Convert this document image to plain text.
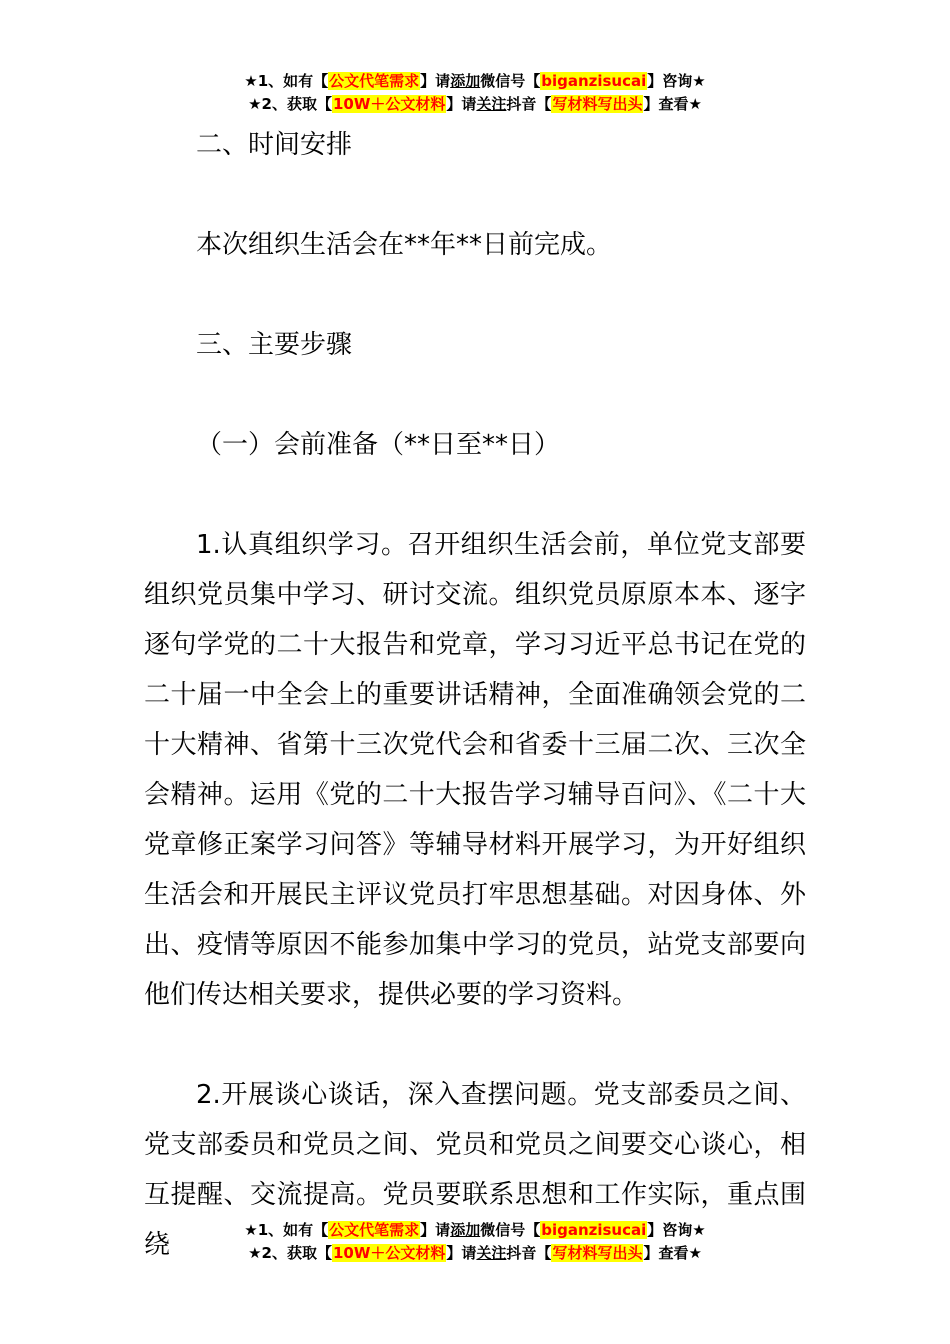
★1、如有【公文代笔需求】请添加微信号【biganzisucai】咨询★
★2、获取【10W＋公文材料】请关注抖音【写材料写出头】查看★

二、时间安排

本次组织生活会在**年**日前完成。

三、主要步骤

（一）会前准备（**日至**日）

1.认真组织学习。召开组织生活会前，单位党支部要组织党员集中学习、研讨交流。组织党员原原本本、逐字逐句学党的二十大报告和党章，学习习近平总书记在党的二十届一中全会上的重要讲话精神，全面准确领会党的二十大精神、省第十三次党代会和省委十三届二次、三次全会精神。运用《党的二十大报告学习辅导百问》、《二十大党章修正案学习问答》等辅导材料开展学习，为开好组织生活会和开展民主评议党员打牢思想基础。对因身体、外出、疫情等原因不能参加集中学习的党员，站党支部要向他们传达相关要求，提供必要的学习资料。

2.开展谈心谈话，深入查摆问题。党支部委员之间、党支部委员和党员之间、党员和党员之间要交心谈心，相互提醒、交流提高。党员要联系思想和工作实际，重点围绕	★1、如有【公文代笔需求】请添加微信号【biganzisucai】咨询★
★2、获取【10W＋公文材料】请关注抖音【写材料写出头】查看★
